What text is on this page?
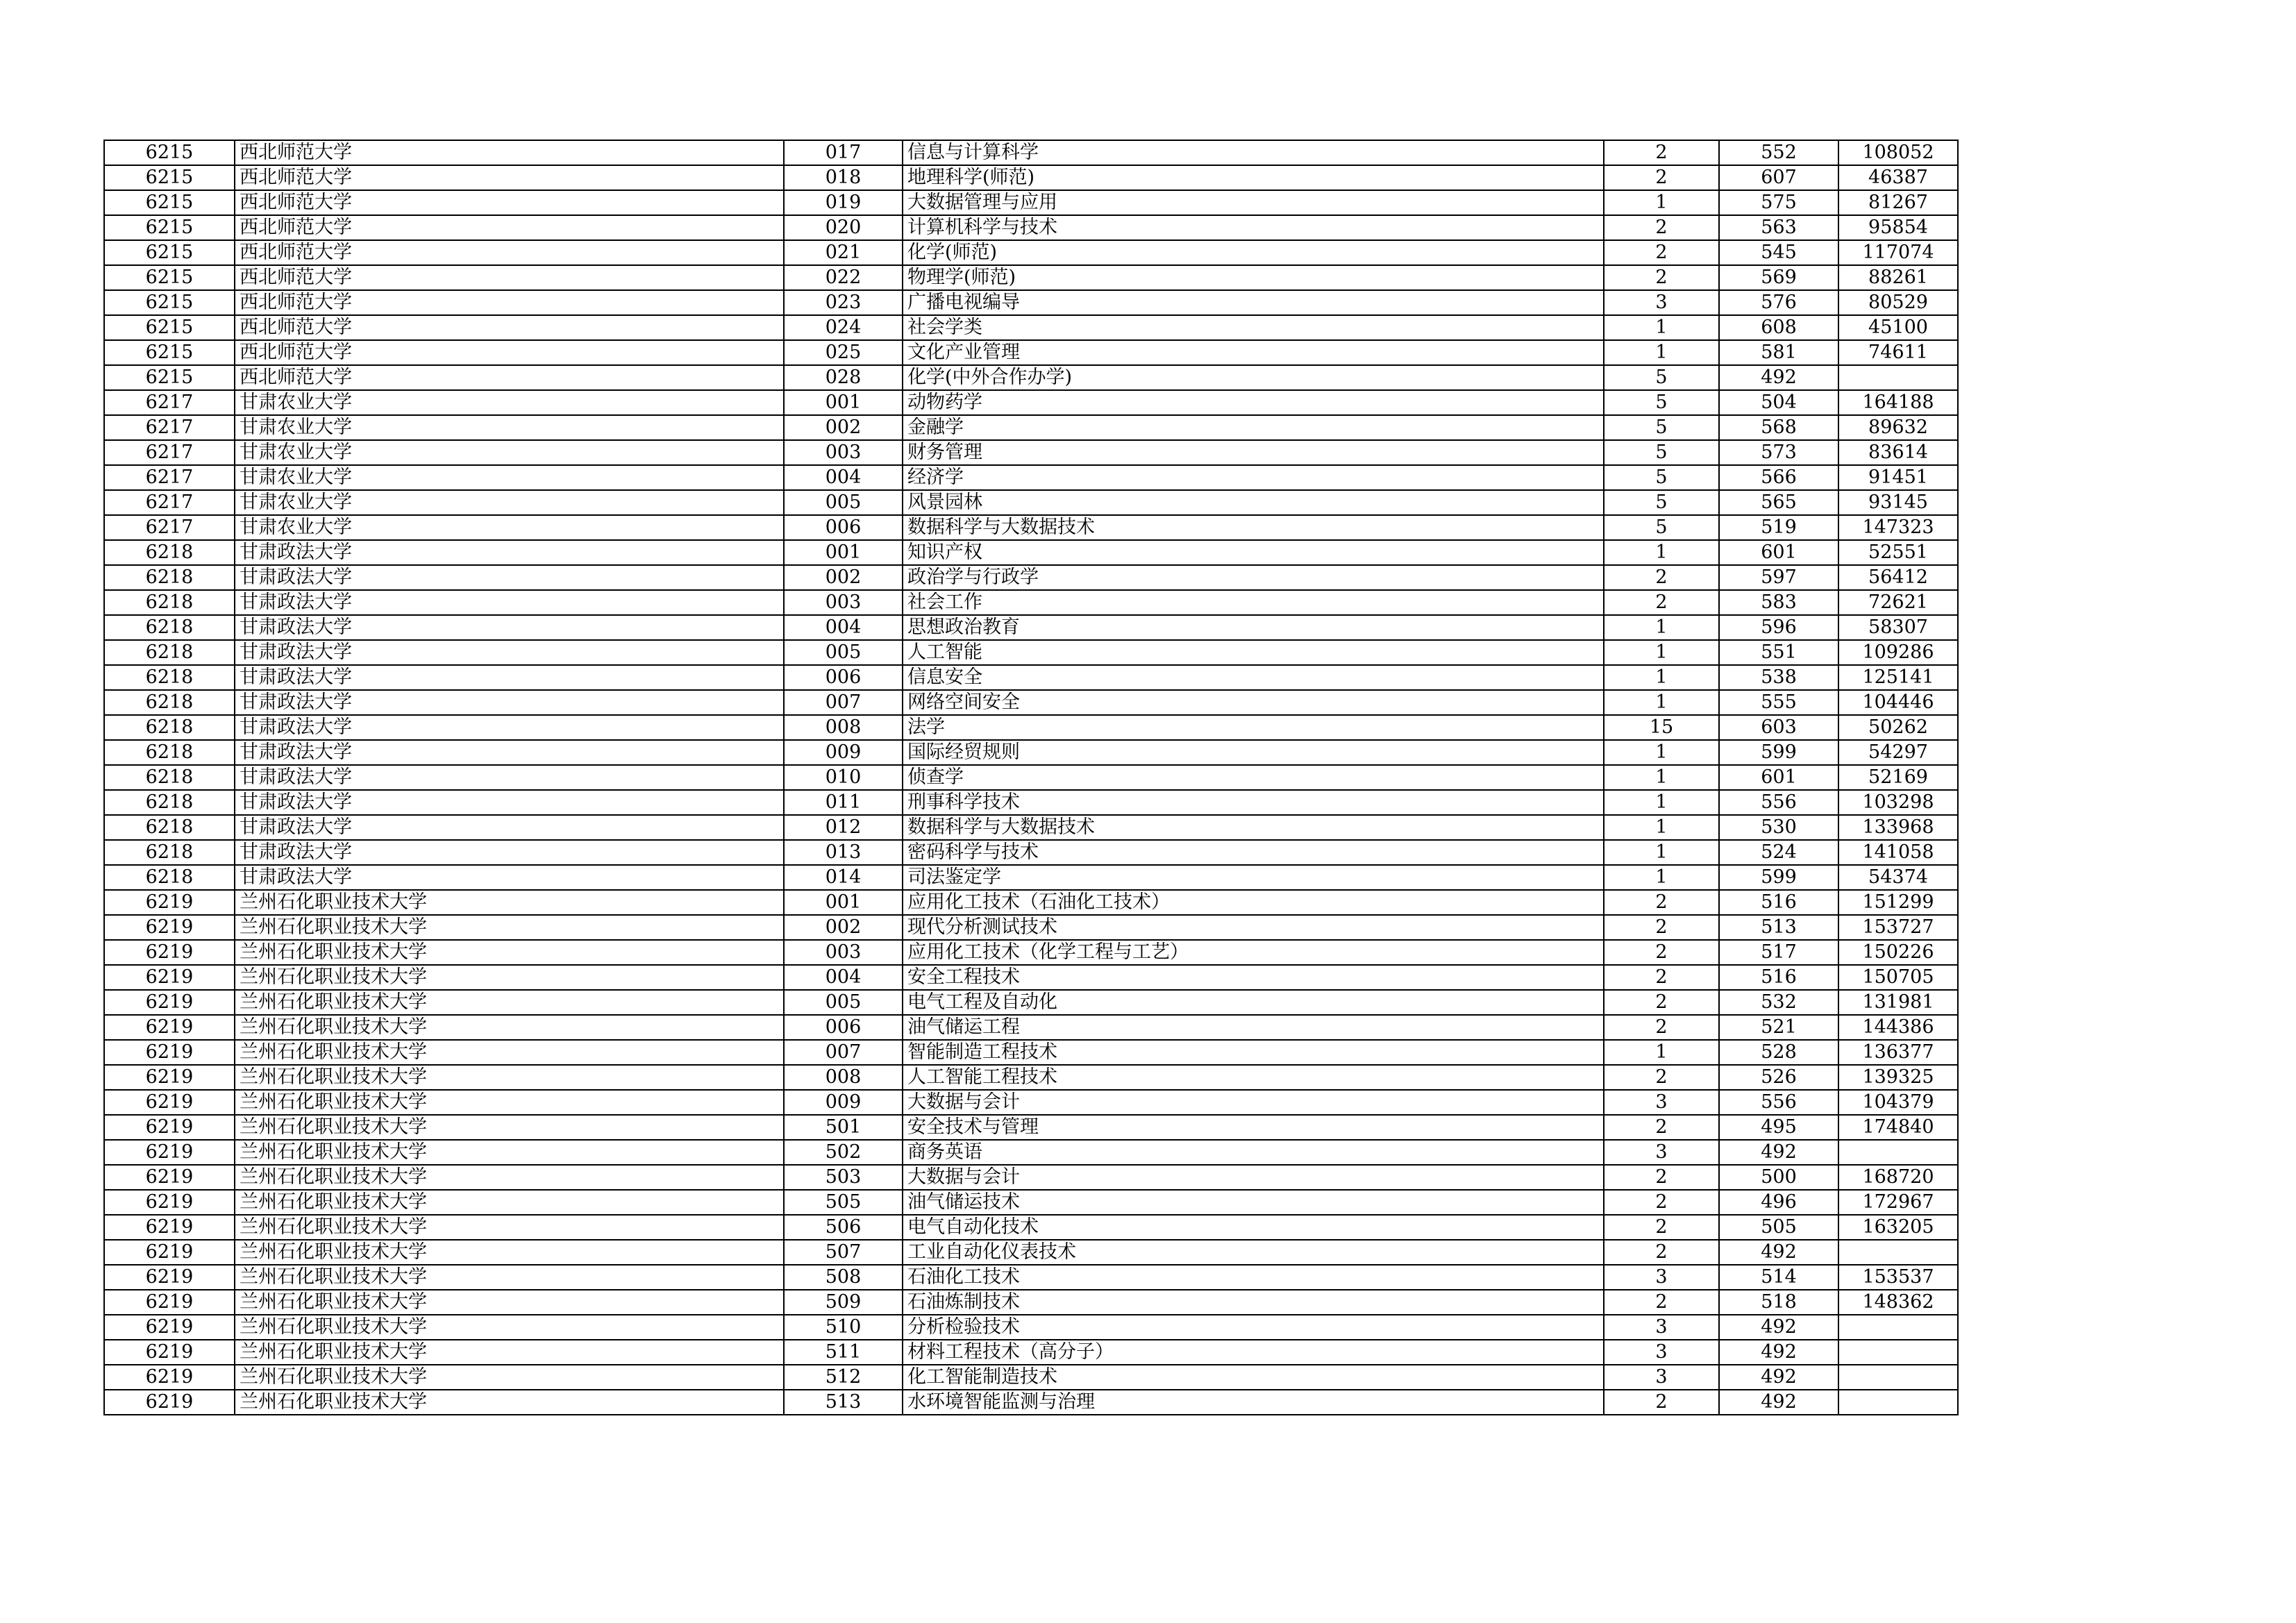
6215	西北师范大学	017	信息与计算科学	2	552	108052
6215	西北师范大学	018	地理科学(师范)	2	607	46387
6215	西北师范大学	019	大数据管理与应用	1	575	81267
6215	西北师范大学	020	计算机科学与技术	2	563	95854
6215	西北师范大学	021	化学(师范)	2	545	117074
6215	西北师范大学	022	物理学(师范)	2	569	88261
6215	西北师范大学	023	广播电视编导	3	576	80529
6215	西北师范大学	024	社会学类	1	608	45100
6215	西北师范大学	025	文化产业管理	1	581	74611
6215	西北师范大学	028	化学(中外合作办学)	5	492	
6217	甘肃农业大学	001	动物药学	5	504	164188
6217	甘肃农业大学	002	金融学	5	568	89632
6217	甘肃农业大学	003	财务管理	5	573	83614
6217	甘肃农业大学	004	经济学	5	566	91451
6217	甘肃农业大学	005	风景园林	5	565	93145
6217	甘肃农业大学	006	数据科学与大数据技术	5	519	147323
6218	甘肃政法大学	001	知识产权	1	601	52551
6218	甘肃政法大学	002	政治学与行政学	2	597	56412
6218	甘肃政法大学	003	社会工作	2	583	72621
6218	甘肃政法大学	004	思想政治教育	1	596	58307
6218	甘肃政法大学	005	人工智能	1	551	109286
6218	甘肃政法大学	006	信息安全	1	538	125141
6218	甘肃政法大学	007	网络空间安全	1	555	104446
6218	甘肃政法大学	008	法学	15	603	50262
6218	甘肃政法大学	009	国际经贸规则	1	599	54297
6218	甘肃政法大学	010	侦查学	1	601	52169
6218	甘肃政法大学	011	刑事科学技术	1	556	103298
6218	甘肃政法大学	012	数据科学与大数据技术	1	530	133968
6218	甘肃政法大学	013	密码科学与技术	1	524	141058
6218	甘肃政法大学	014	司法鉴定学	1	599	54374
6219	兰州石化职业技术大学	001	应用化工技术（石油化工技术）	2	516	151299
6219	兰州石化职业技术大学	002	现代分析测试技术	2	513	153727
6219	兰州石化职业技术大学	003	应用化工技术（化学工程与工艺）	2	517	150226
6219	兰州石化职业技术大学	004	安全工程技术	2	516	150705
6219	兰州石化职业技术大学	005	电气工程及自动化	2	532	131981
6219	兰州石化职业技术大学	006	油气储运工程	2	521	144386
6219	兰州石化职业技术大学	007	智能制造工程技术	1	528	136377
6219	兰州石化职业技术大学	008	人工智能工程技术	2	526	139325
6219	兰州石化职业技术大学	009	大数据与会计	3	556	104379
6219	兰州石化职业技术大学	501	安全技术与管理	2	495	174840
6219	兰州石化职业技术大学	502	商务英语	3	492	
6219	兰州石化职业技术大学	503	大数据与会计	2	500	168720
6219	兰州石化职业技术大学	505	油气储运技术	2	496	172967
6219	兰州石化职业技术大学	506	电气自动化技术	2	505	163205
6219	兰州石化职业技术大学	507	工业自动化仪表技术	2	492	
6219	兰州石化职业技术大学	508	石油化工技术	3	514	153537
6219	兰州石化职业技术大学	509	石油炼制技术	2	518	148362
6219	兰州石化职业技术大学	510	分析检验技术	3	492	
6219	兰州石化职业技术大学	511	材料工程技术（高分子）	3	492	
6219	兰州石化职业技术大学	512	化工智能制造技术	3	492	
6219	兰州石化职业技术大学	513	水环境智能监测与治理	2	492	
